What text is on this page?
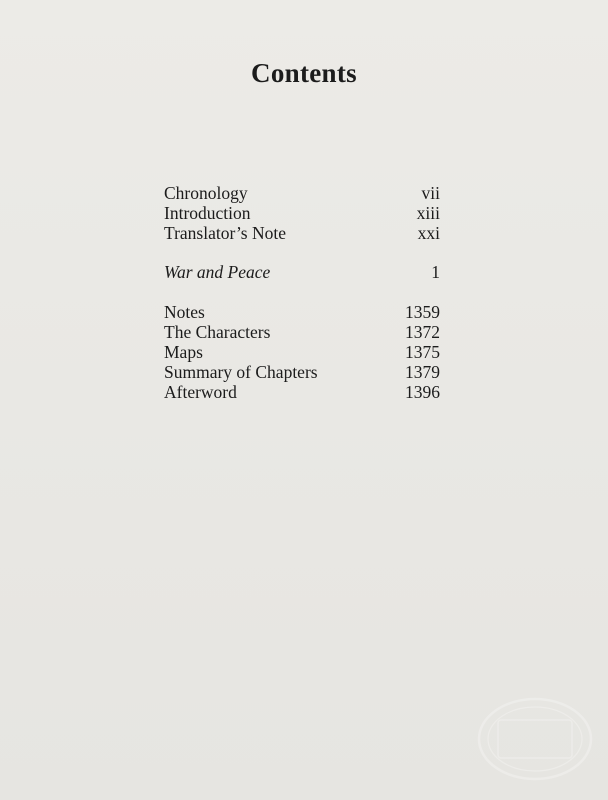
Contents
Chronology	vii
Introduction	xiii
Translator’s Note	xxi
War and Peace	1
Notes	1359
The Characters	1372
Maps	1375
Summary of Chapters	1379
Afterword	1396
